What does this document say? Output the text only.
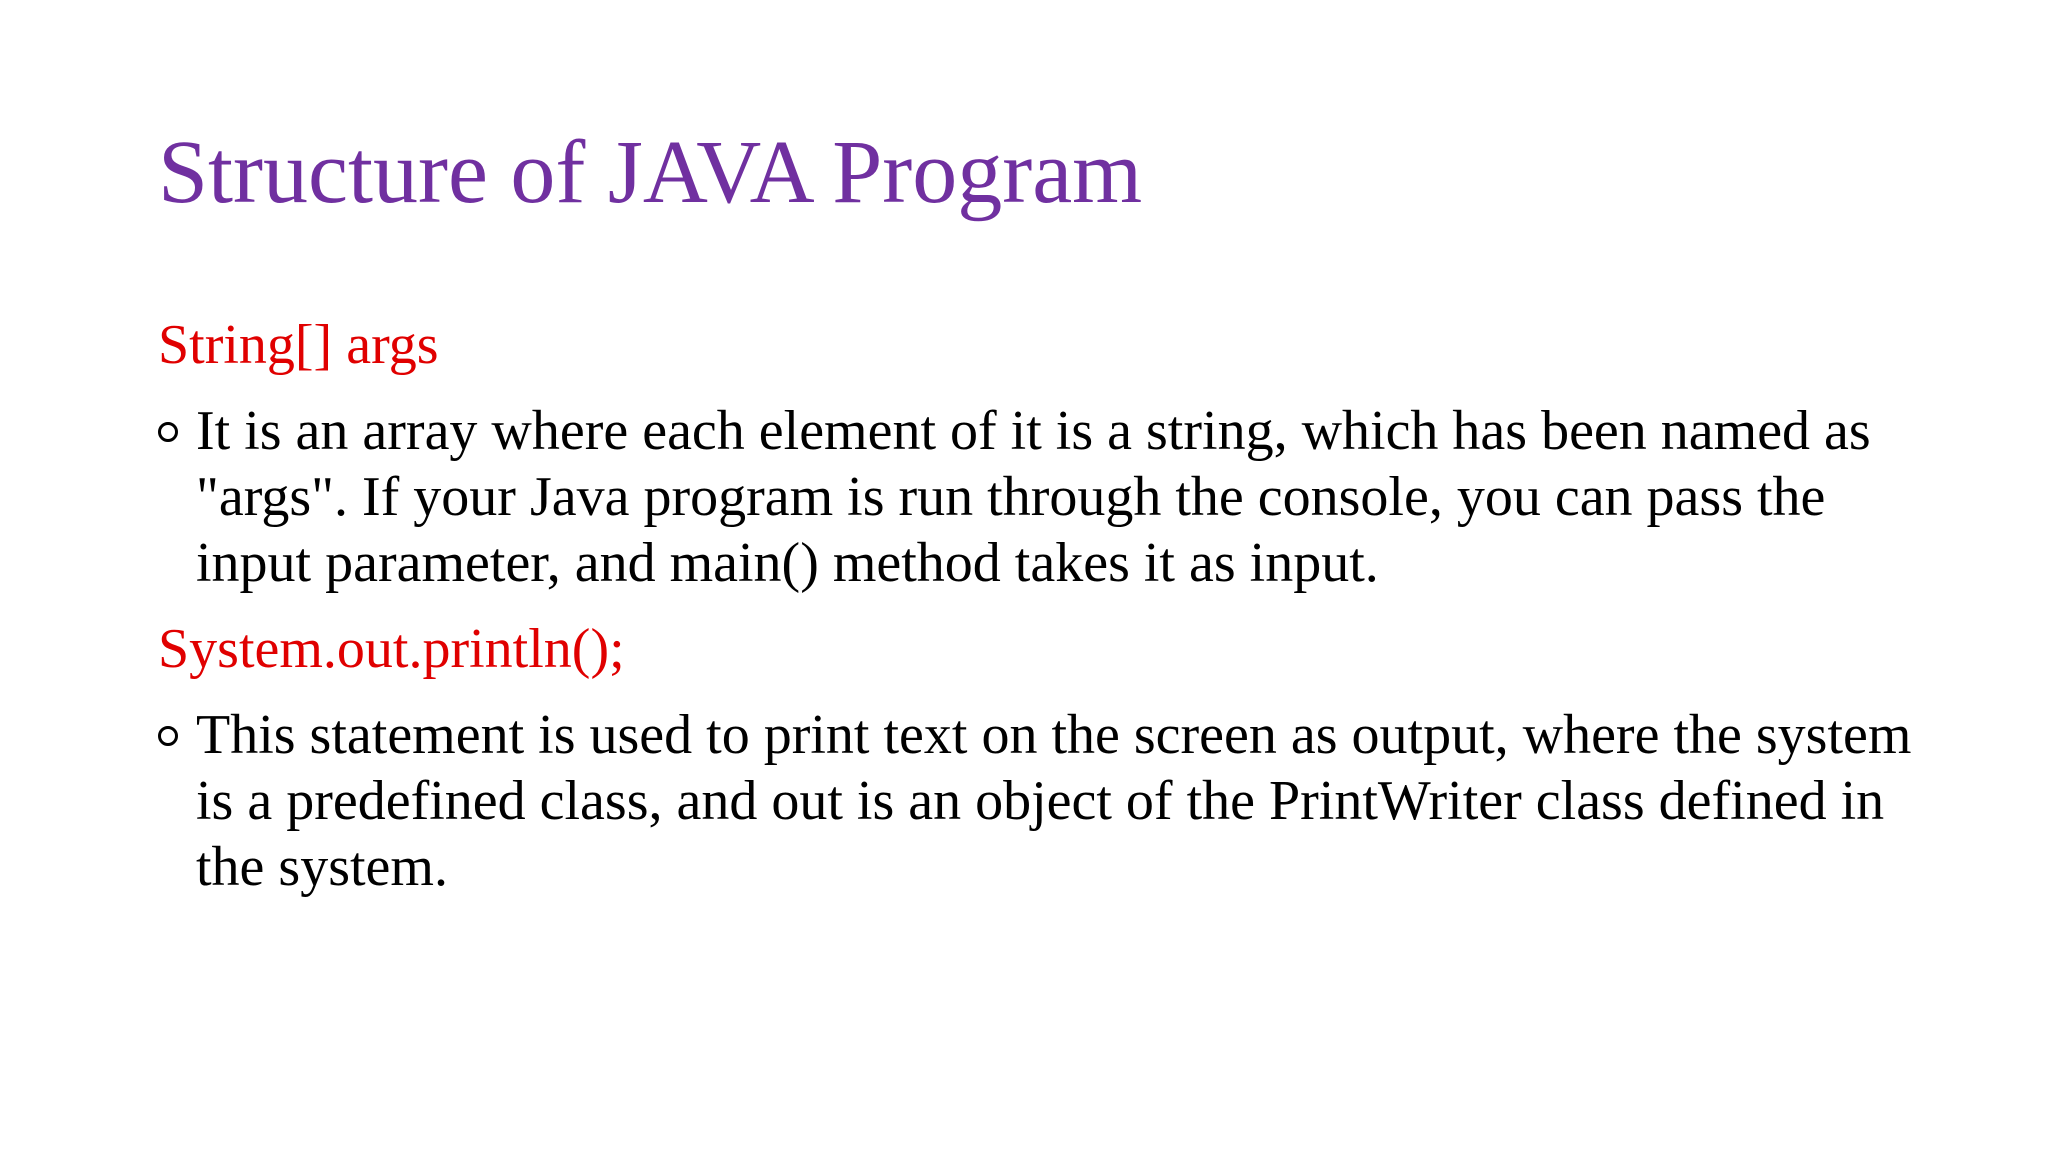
Structure of JAVA Program

String[] args

It is an array where each element of it is a string, which has been named as "args". If your Java program is run through the console, you can pass the input parameter, and main() method takes it as input.

System.out.println();

This statement is used to print text on the screen as output, where the system is a predefined class, and out is an object of the PrintWriter class defined in the system.
